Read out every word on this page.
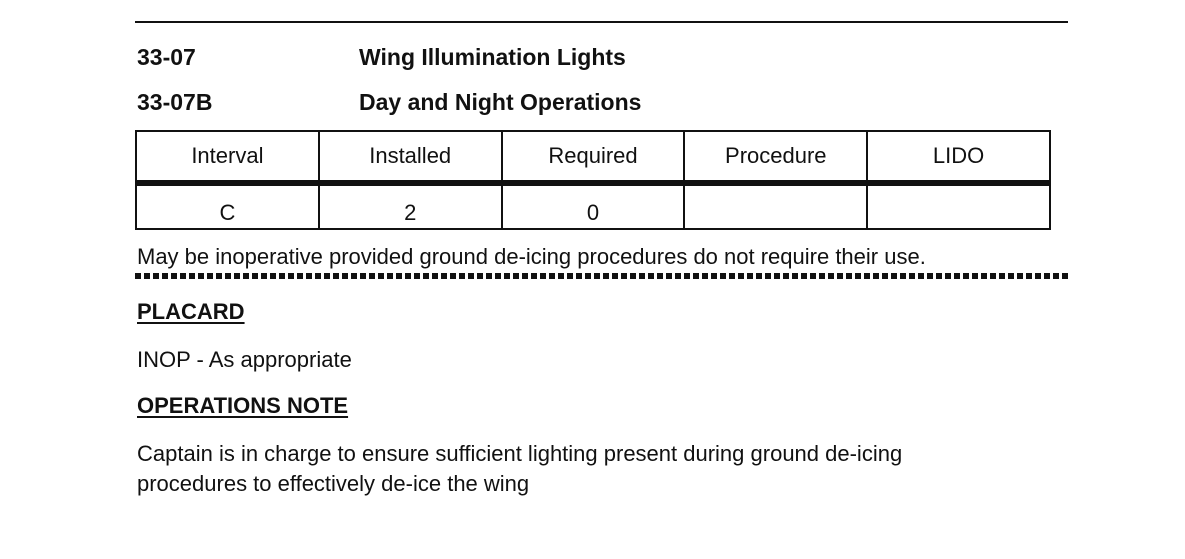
33-07	Wing Illumination Lights
33-07B	Day and Night Operations
Interval	Installed	Required	Procedure	LIDO
C	2	0		
May be inoperative provided ground de-icing procedures do not require their use.
PLACARD
INOP - As appropriate
OPERATIONS NOTE
Captain is in charge to ensure sufficient lighting present during ground de-icing
procedures to effectively de-ice the wing
